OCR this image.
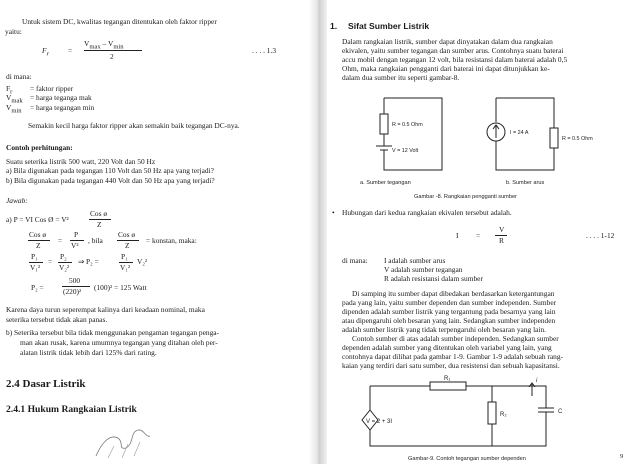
Untuk sistem DC, kwalitas tegangan ditentukan oleh faktor ripper
yaitu:
$F_r$	=
$V_{max} - V_{min}$
2
. . . . 1.3
di mana:
$F_r$ = faktor ripper
$V_{mak}$ = harga teganga mak
$V_{min}$ = harga tegangan min
Semakin kecil harga faktor ripper akan semakin baik tegangan DC-nya.
Contoh perhitungan:
Suatu seterika listrik 500 watt, 220 Volt dan 50 Hz
a) Bila digunakan pada tegangan 110 Volt dan 50 Hz apa yang terjadi?
b) Bila digunakan pada tegangan 440 Volt dan 50 Hz apa yang terjadi?
Jawab:
a) P = VI Cos Ø = V²
Cos ø
Z
Cos ø
Z
=
P
V²
, bila
Cos ø
Z
= konstan, maka:
P₁
V₁²
=
P₂
V₂²
⇒ P₂ =
P₁
V₁²
V₂²
P₂ =
500
(220)² (100)² = 125 Watt
Karena daya turun seperempat kalinya dari keadaan nominal, maka
seterika tersebut tidak akan panas.
b) Seterika tersebut bila tidak menggunakan pengaman tegangan penga-
man akan rusak, karena umumnya tegangan yang ditahan oleh per-
alatan listrik tidak lebih dari 125% dari rating.
2.4 Dasar Listrik
2.4.1 Hukum Rangkaian Listrik
1. Sifat Sumber Listrik
Dalam rangkaian listrik, sumber dapat dinyatakan dalam dua rangkaian
ekivalen, yaitu sumber tegangan dan sumber arus. Contohnya suatu baterai
accu mobil dengan tegangan 12 volt, bila resistansi dalam baterai adalah 0,5
Ohm, maka rangkaian pengganti dari baterai ini dapat ditunjukkan ke-
dalam dua sumber itu seperti gambar-8.
R = 0.5 Ohm
V = 12 Volt
I = 24 A
R = 0.5 Ohm
a. Sumber tegangan	b. Sumber arus
Gambar -8. Rangkaian pengganti sumber
• Hubungan dari kedua rangkaian ekivalen tersebut adalah.
I =
V
R
. . . . 1-12
di mana: I adalah sumber arus
V adalah sumber tegangan
R adalah resistansi dalam sumber
Di samping itu sumber dapat dibedakan berdasarkan ketergantungan
pada yang lain, yaitu sumber dependen dan sumber independen. Sumber
dipenden adalah sumber listrik yang tergantung pada besarnya yang lain
atau dipengaruhi oleh besaran yang lain. Sedangkan sumber independen
adalah sumber listrik yang tidak terpengaruhi oleh besaran yang lain.
Contoh sumber di atas adalah sumber independen. Sedangkan sumber
dependen adalah sumber yang ditentukan oleh variabel yang lain, yang
contohnya dapat dilihat pada gambar 1-9. Gambar 1-9 adalah sebuah rang-
kaian yang terdiri dari satu sumber, dua resistensi dan sebuah kapasitansi.
V = 2 + 3I
R₁
R₂
i
C
Gambar-9. Contoh tegangan sumber dependen	9
